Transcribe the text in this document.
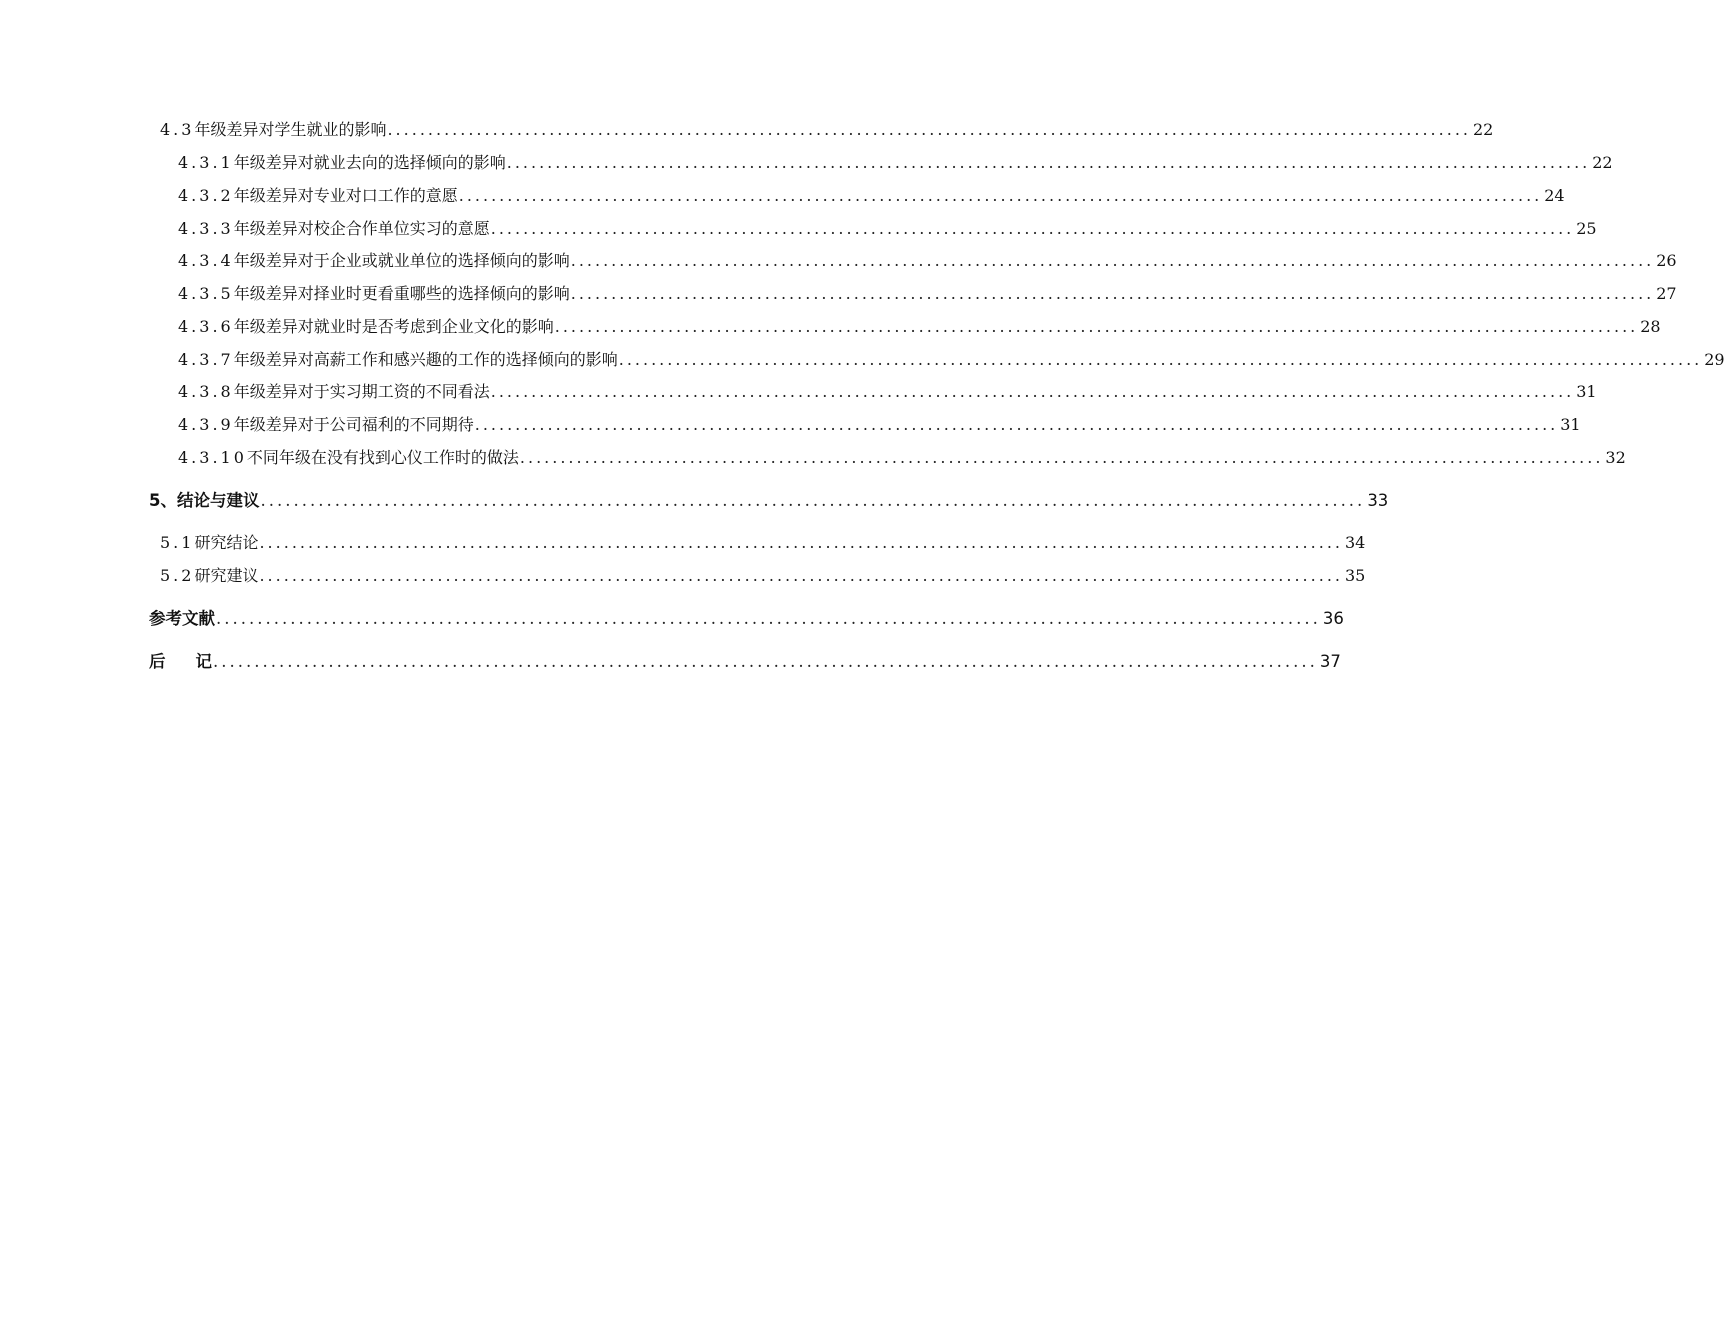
4.3年级差异对学生就业的影响 ...................................................................................................................................... 22
4.3.1年级差异对就业去向的选择倾向的影响 ...................................................................................................................................... 22
4.3.2年级差异对专业对口工作的意愿 ...................................................................................................................................... 24
4.3.3年级差异对校企合作单位实习的意愿 ...................................................................................................................................... 25
4.3.4年级差异对于企业或就业单位的选择倾向的影响 ...................................................................................................................................... 26
4.3.5年级差异对择业时更看重哪些的选择倾向的影响 ...................................................................................................................................... 27
4.3.6年级差异对就业时是否考虑到企业文化的影响 ...................................................................................................................................... 28
4.3.7年级差异对高薪工作和感兴趣的工作的选择倾向的影响 ...................................................................................................................................... 29
4.3.8年级差异对于实习期工资的不同看法 ...................................................................................................................................... 31
4.3.9年级差异对于公司福利的不同期待 ...................................................................................................................................... 31
4.3.10不同年级在没有找到心仪工作时的做法 ...................................................................................................................................... 32
5、结论与建议 ...................................................................................................................................... 33
5.1研究结论 ...................................................................................................................................... 34
5.2研究建议 ...................................................................................................................................... 35
参考文献 ...................................................................................................................................... 36
后 记 ...................................................................................................................................... 37
